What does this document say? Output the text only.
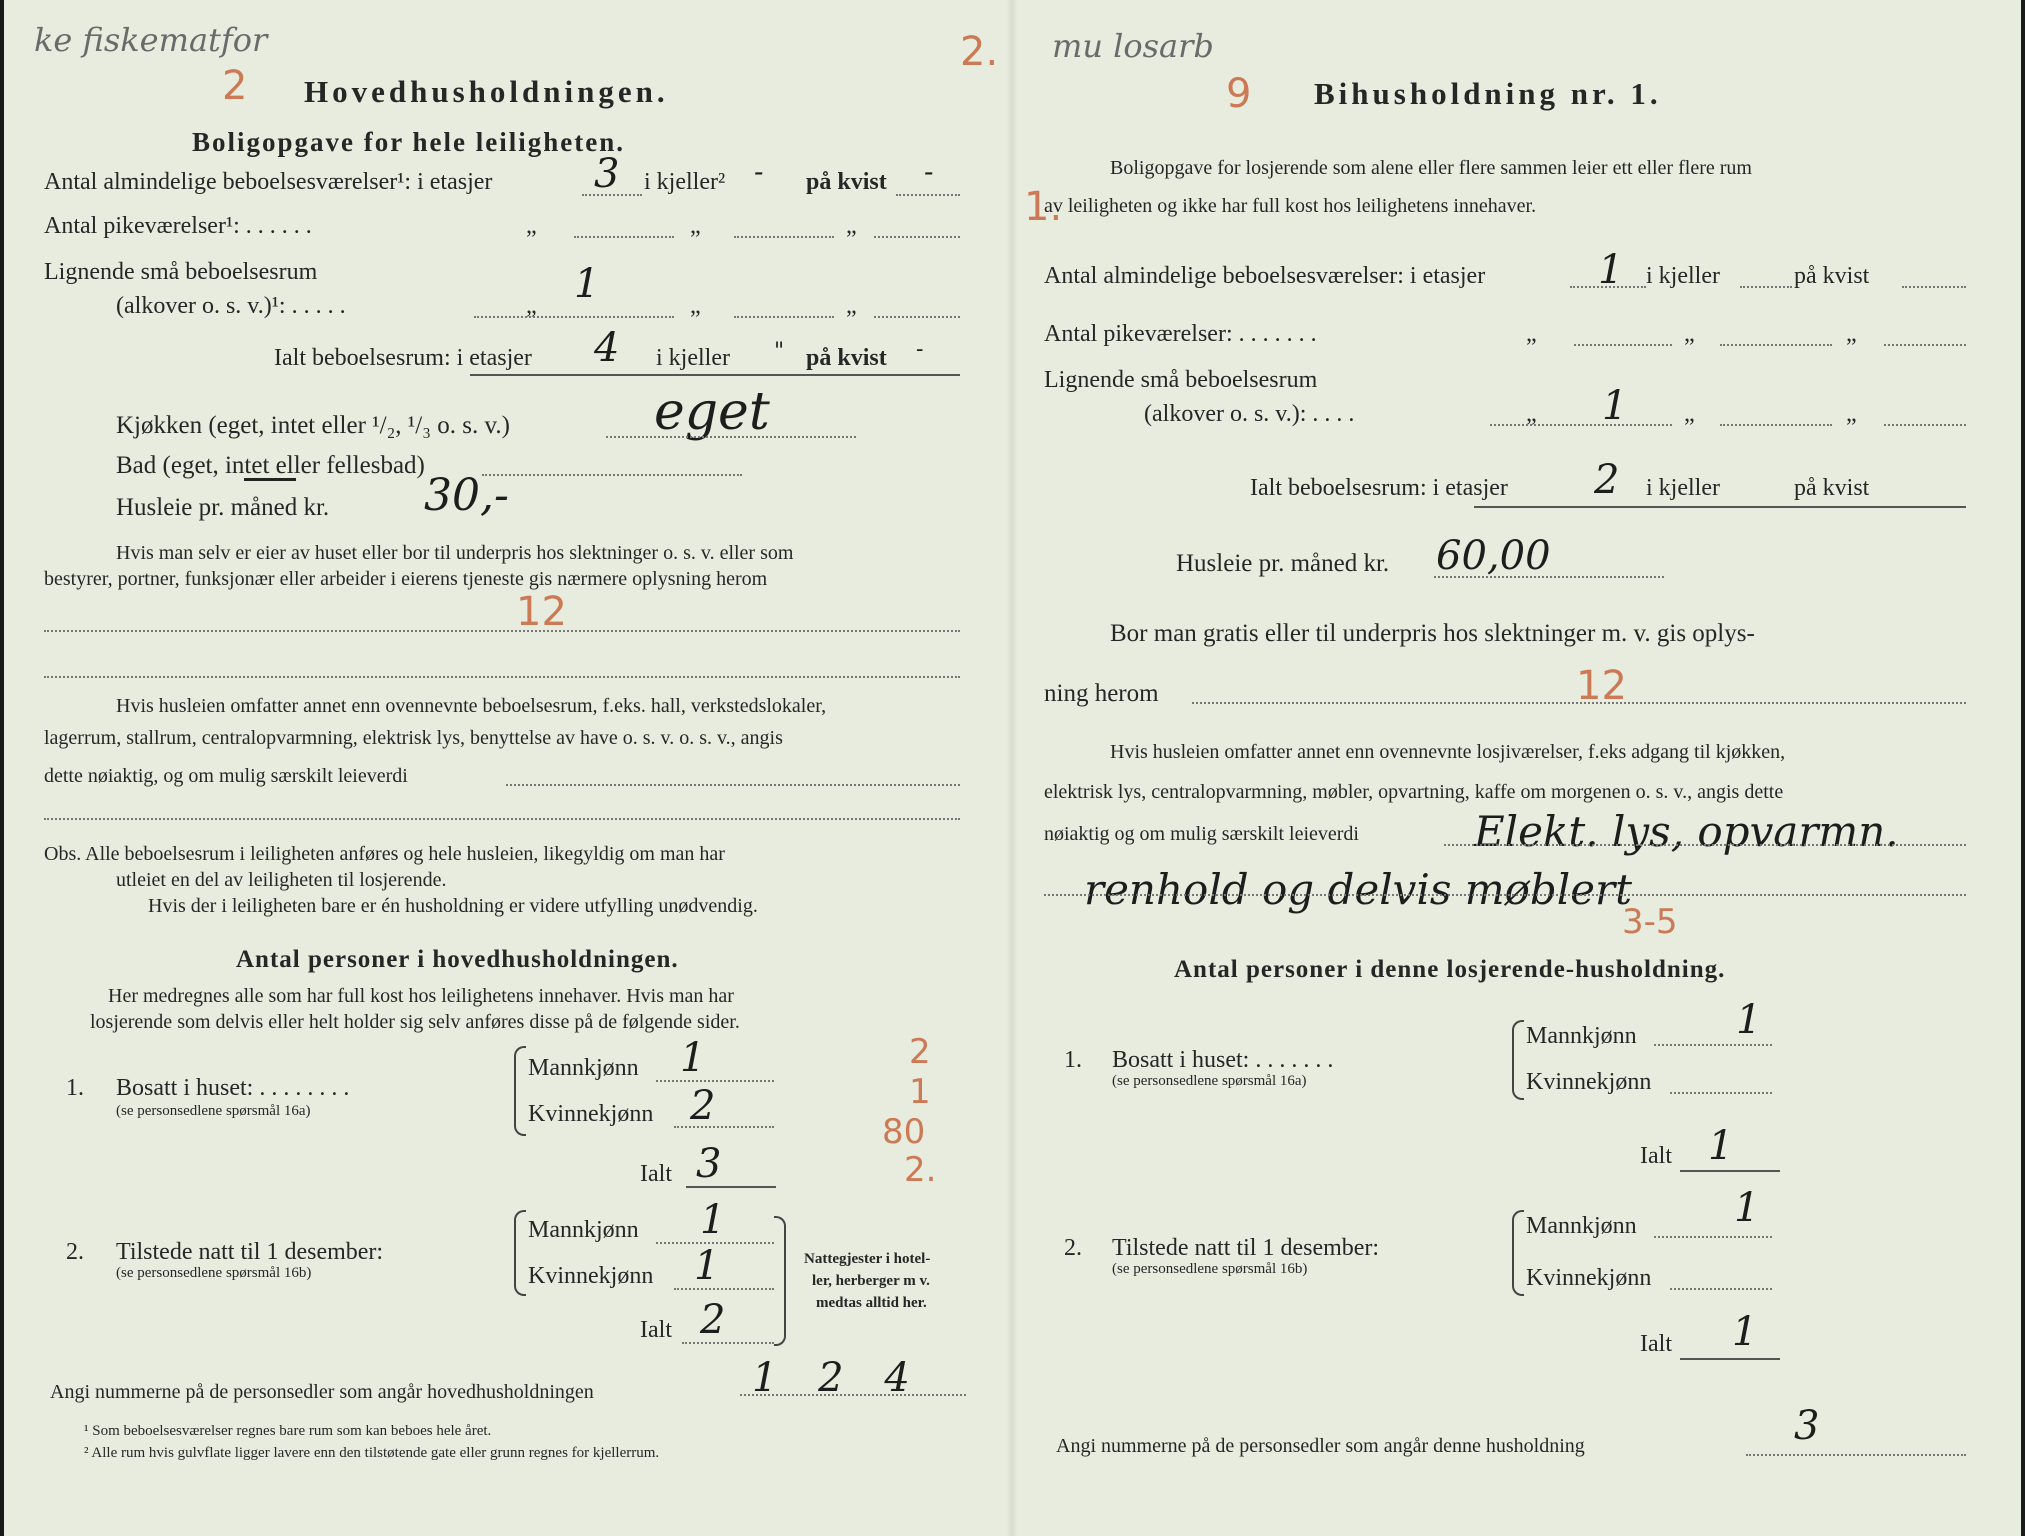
ke fiskematfor
2
2. mu losarb
9
1.
Hovedhusholdningen.
Boligopgave for hele leiligheten.
Antal almindelige beboelsesværelser¹: i etasjer	3 i kjeller² - på kvist -
Antal pikeværelser¹: . . . . . .	„	„	„
Lignende små beboelsesrum
(alkover o. s. v.)¹: . . . . .	„ 1	„	„
Ialt beboelsesrum: i etasjer 4 i kjeller " på kvist -
Kjøkken (eget, intet eller ¹/₂, ¹/₃ o. s. v.)	eget
Bad (eget, intet eller fellesbad)
Husleie pr. måned kr. 30,-
Hvis man selv er eier av huset eller bor til underpris hos slektninger o. s. v. eller som
bestyrer, portner, funksjonær eller arbeider i eierens tjeneste gis nærmere oplysning herom
12
Hvis husleien omfatter annet enn ovennevnte beboelsesrum, f.eks. hall, verkstedslokaler,
lagerrum, stallrum, centralopvarmning, elektrisk lys, benyttelse av have o. s. v. o. s. v., angis
dette nøiaktig, og om mulig særskilt leieverdi
Obs. Alle beboelsesrum i leiligheten anføres og hele husleien, likegyldig om man har
utleiet en del av leiligheten til losjerende.
Hvis der i leiligheten bare er én husholdning er videre utfylling unødvendig.
Antal personer i hovedhusholdningen.
Her medregnes alle som har full kost hos leilighetens innehaver. Hvis man har
losjerende som delvis eller helt holder sig selv anføres disse på de følgende sider.
1. Bosatt i huset: . . . . . . . .
(se personsedlene spørsmål 16a)
Mannkjønn 1
Kvinnekjønn 2
Ialt 3
2
1
80
2.
2. Tilstede natt til 1 desember:
(se personsedlene spørsmål 16b)
Mannkjønn 1
Kvinnekjønn 1
Ialt 2
Nattegjester i hotel-
ler, herberger m v.
medtas alltid her.
Angi nummerne på de personsedler som angår hovedhusholdningen	1 2 4
¹ Som beboelsesværelser regnes bare rum som kan beboes hele året.
² Alle rum hvis gulvflate ligger lavere enn den tilstøtende gate eller grunn regnes for kjellerrum.
Bihusholdning nr. 1.
Boligopgave for losjerende som alene eller flere sammen leier ett eller flere rum
av leiligheten og ikke har full kost hos leilighetens innehaver.
Antal almindelige beboelsesværelser: i etasjer	1 i kjeller	på kvist
Antal pikeværelser: . . . . . . .	„	„	„
Lignende små beboelsesrum
(alkover o. s. v.): . . . .	„ 1 „	„
Ialt beboelsesrum: i etasjer 2 i kjeller	på kvist
Husleie pr. måned kr. 60,00
Bor man gratis eller til underpris hos slektninger m. v. gis oplys-
ning herom	12
Hvis husleien omfatter annet enn ovennevnte losjiværelser, f.eks adgang til kjøkken,
elektrisk lys, centralopvarmning, møbler, opvartning, kaffe om morgenen o. s. v., angis dette
nøiaktig og om mulig særskilt leieverdi	Elekt. lys, opvarmn.
renhold og delvis møblert
3-5
Antal personer i denne losjerende-husholdning.
1. Bosatt i huset: . . . . . . .
(se personsedlene spørsmål 16a)
Mannkjønn 1
Kvinnekjønn
Ialt 1
2. Tilstede natt til 1 desember:
(se personsedlene spørsmål 16b)
Mannkjønn 1
Kvinnekjønn
Ialt 1
Angi nummerne på de personsedler som angår denne husholdning	3
